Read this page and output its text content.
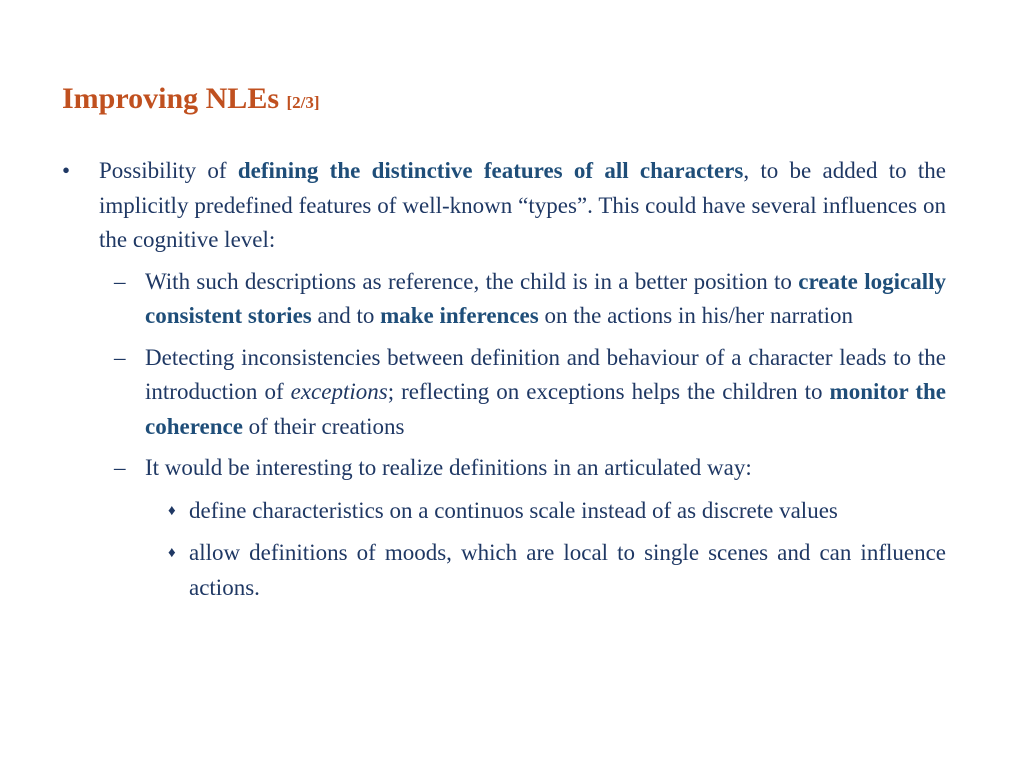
Improving NLEs [2/3]
• Possibility of defining the distinctive features of all characters, to be added to the implicitly predefined features of well-known “types”. This could have several influences on the cognitive level:
– With such descriptions as reference, the child is in a better position to create logically consistent stories and to make inferences on the actions in his/her narration
– Detecting inconsistencies between definition and behaviour of a character leads to the introduction of exceptions; reflecting on exceptions helps the children to monitor the coherence of their creations
– It would be interesting to realize definitions in an articulated way:
♦ define characteristics on a continuos scale instead of as discrete values
♦ allow definitions of moods, which are local to single scenes and can influence actions.
